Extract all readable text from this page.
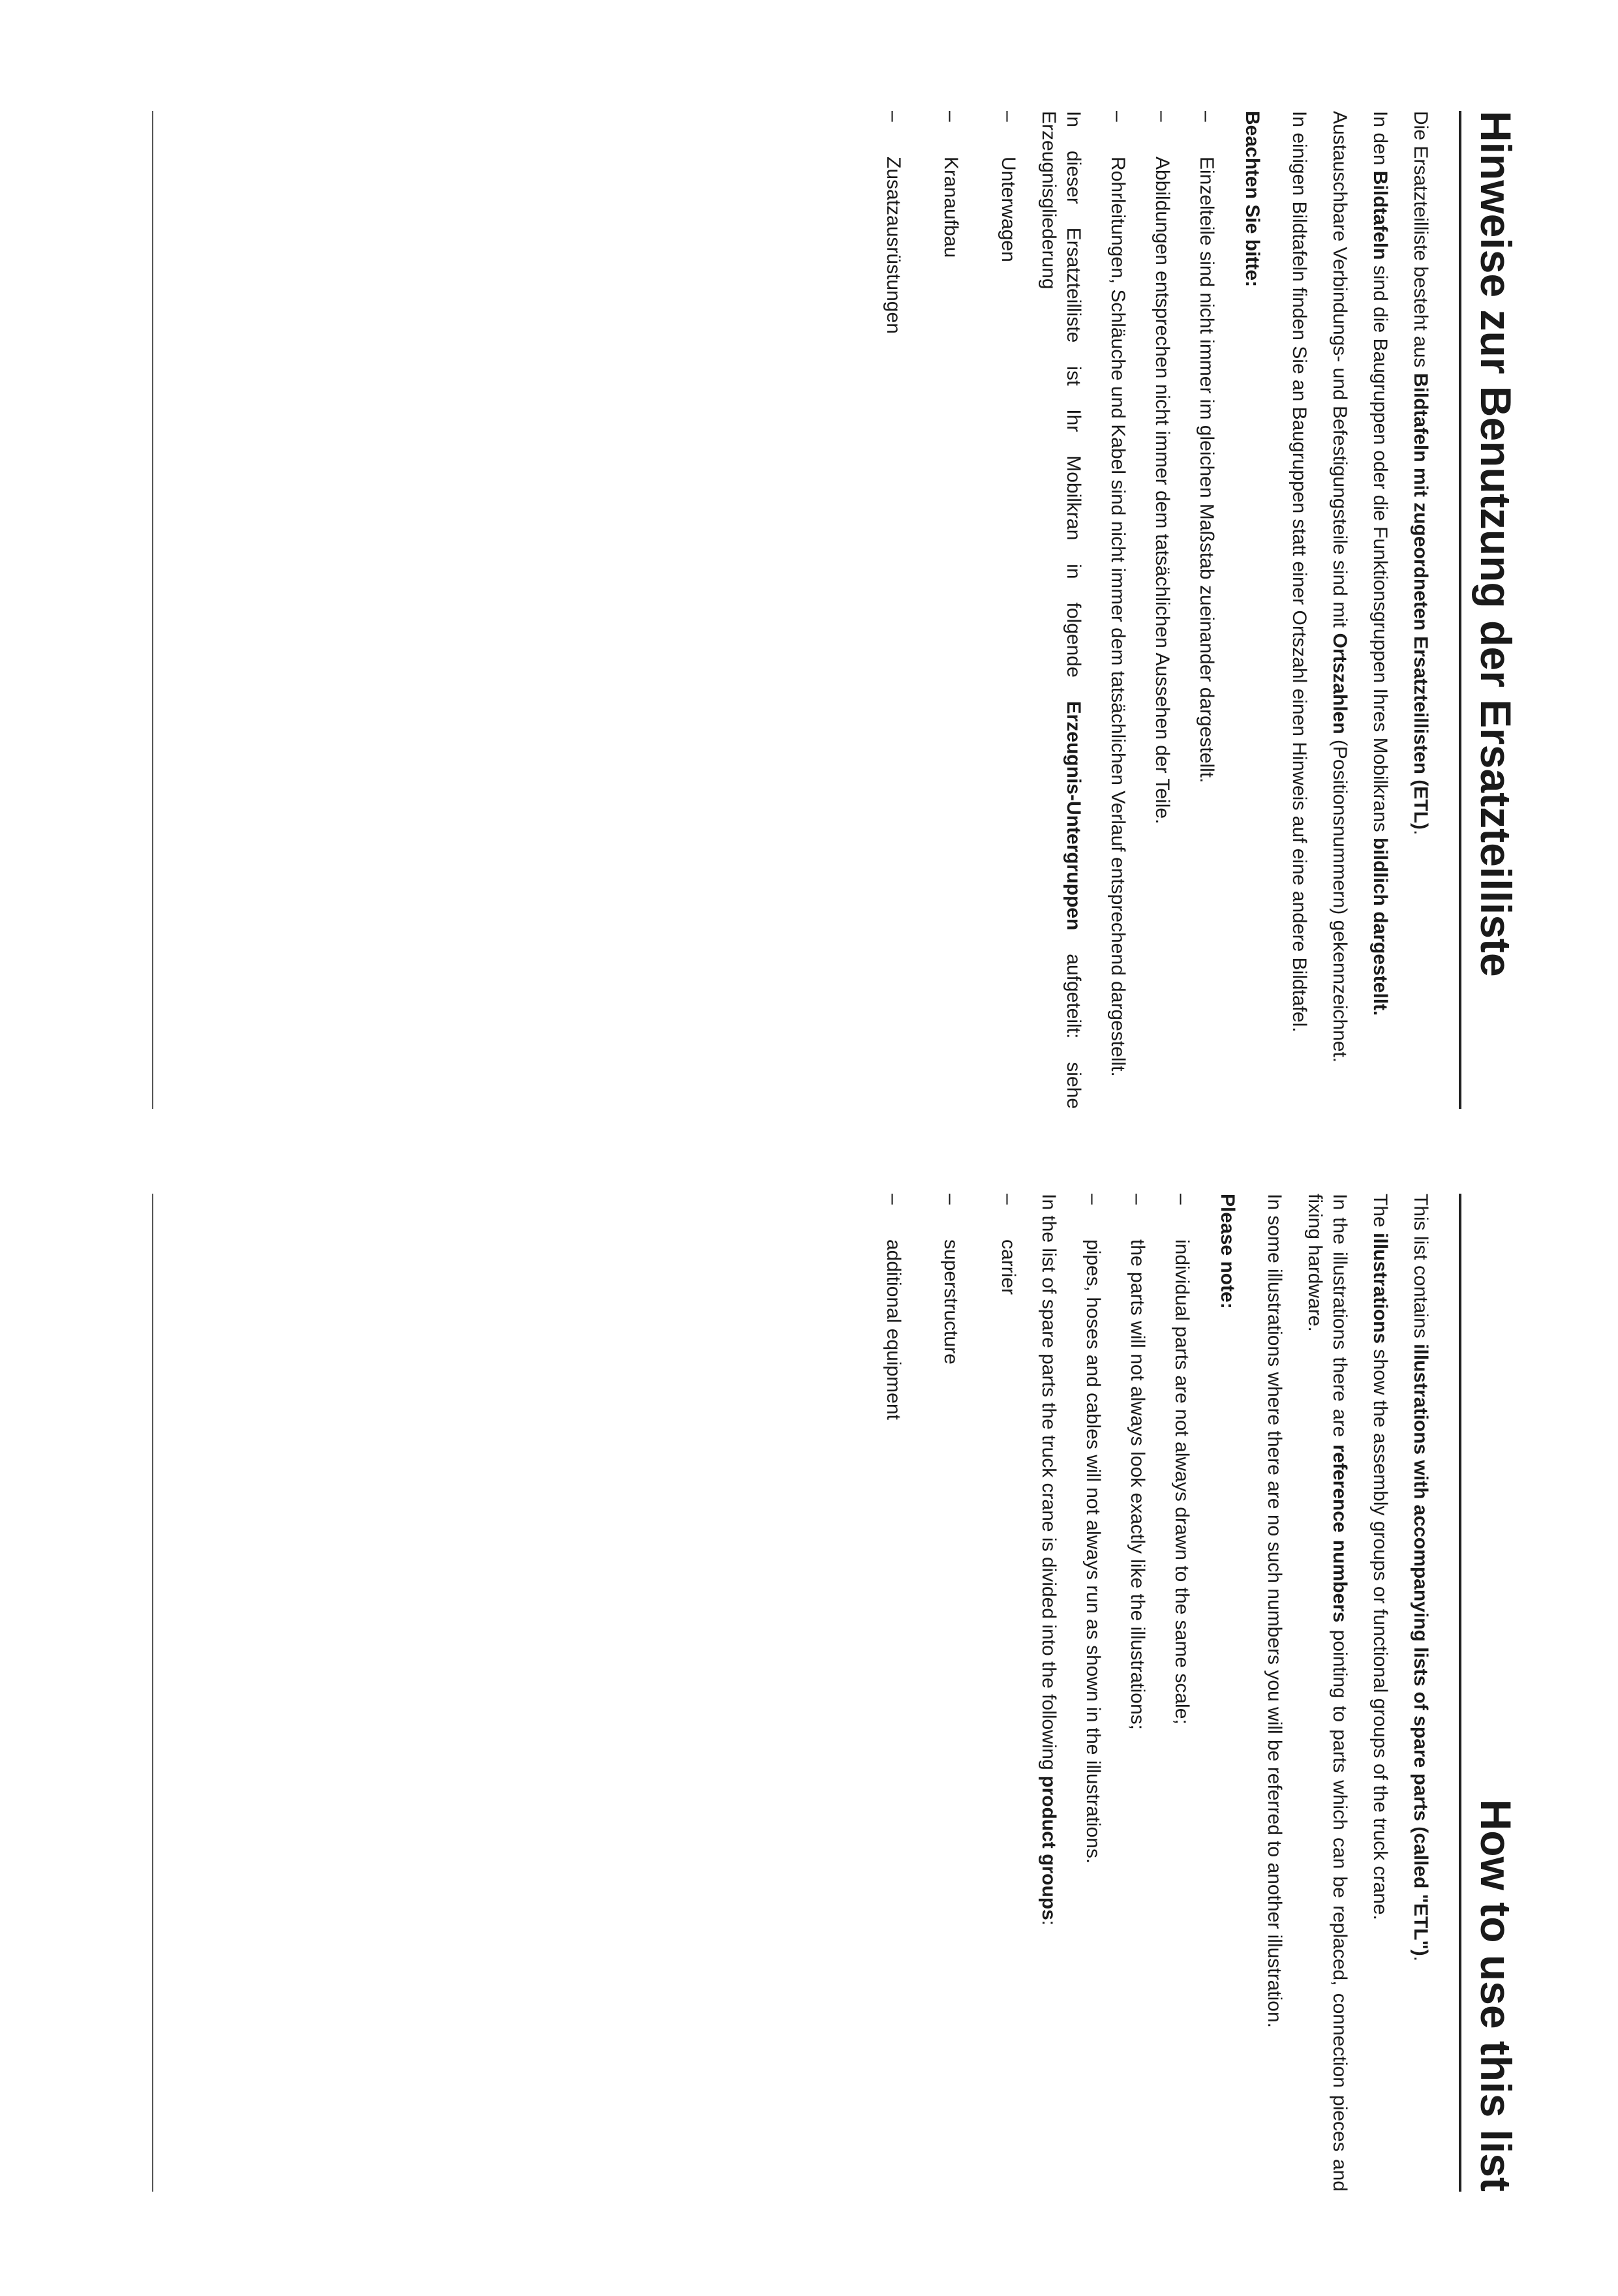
Hinweise zur Benutzung der Ersatzteilliste

Die Ersatzteilliste besteht aus Bildtafeln mit zugeordneten Ersatzteillisten (ETL).

In den Bildtafeln sind die Baugruppen oder die Funktionsgruppen Ihres Mobilkrans bildlich dargestellt.

Austauschbare Verbindungs- und Befestigungsteile sind mit Ortszahlen (Positionsnummern) gekennzeichnet.

In einigen Bildtafeln finden Sie an Baugruppen statt einer Ortszahl einen Hinweis auf eine andere Bildtafel.

Beachten Sie bitte:

–
Einzelteile sind nicht immer im gleichen Maßstab zueinander dargestellt.
–
Abbildungen entsprechen nicht immer dem tatsächlichen Aussehen der Teile.
–
Rohrleitungen, Schläuche und Kabel sind nicht immer dem tatsächlichen Verlauf entsprechend dargestellt.

In dieser Ersatzteilliste ist Ihr Mobilkran in folgende Erzeugnis-Untergruppen aufgeteilt: siehe Erzeugnisgliederung

–
Unterwagen
–
Kranaufbau
–
Zusatzausrüstungen
How to use this list

This list contains illustrations with accompanying lists of spare parts (called "ETL").

The illustrations show the assembly groups or functional groups of the truck crane.

In the illustrations there are reference numbers pointing to parts which can be replaced, connection pieces and fixing hardware.

In some illustrations where there are no such numbers you will be referred to another illustration.

Please note:

–
individual parts are not always drawn to the same scale;
–
the parts will not always look exactly like the illustrations;
–
pipes, hoses and cables will not always run as shown in the illustrations.

In the list of spare parts the truck crane is divided into the following product groups:

–
carrier
–
superstructure
–
additional equipment
